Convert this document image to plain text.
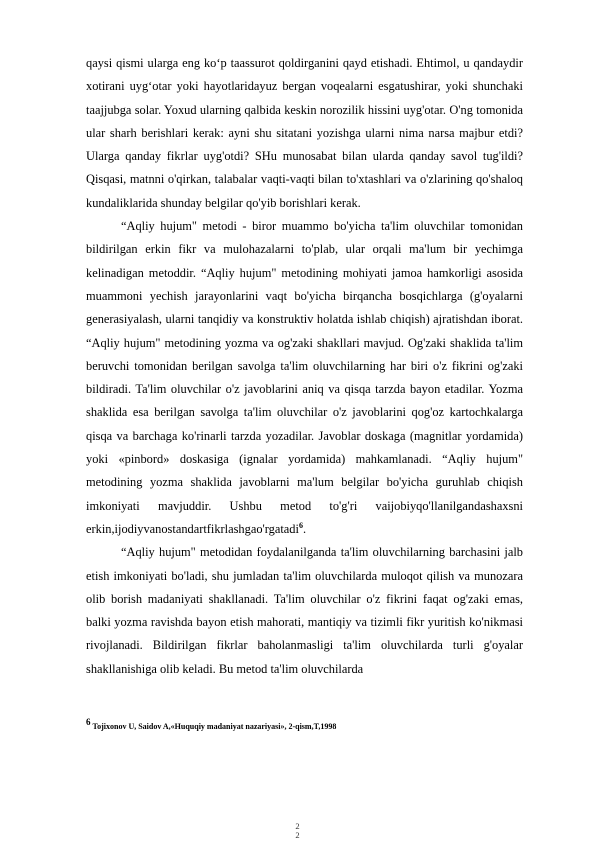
qaysi qismi ularga eng ko‘p taassurot qoldirganini qayd etishadi. Ehtimol, u qandaydir xotirani uyg‘otar yoki hayotlaridayuz bergan voqealarni esgatushirar, yoki shunchaki taajjubga solar. Yoxud ularning qalbida keskin norozilik hissini uyg'otar. O'ng tomonida ular sharh berishlari kerak: ayni shu sitatani yozishga ularni nima narsa majbur etdi? Ularga qanday fikrlar uyg'otdi? SHu munosabat bilan ularda qanday savol tug'ildi? Qisqasi, matnni o'qirkan, talabalar vaqti-vaqti bilan to'xtashlari va o'zlarining qo'shaloq kundaliklarida shunday belgilar qo'yib borishlari kerak.

“Aqliy hujum" metodi - biror muammo bo'yicha ta'lim oluvchilar tomonidan bildirilgan erkin fikr va mulohazalarni to'plab, ular orqali ma'lum bir yechimga kelinadigan metoddir. “Aqliy hujum" metodining mohiyati jamoa hamkorligi asosida muammoni yechish jarayonlarini vaqt bo'yicha birqancha bosqichlarga (g'oyalarni generasiyalash, ularni tanqidiy va konstruktiv holatda ishlab chiqish) ajratishdan iborat. “Aqliy hujum" metodining yozma va og'zaki shakllari mavjud. Og'zaki shaklida ta'lim beruvchi tomonidan berilgan savolga ta'lim oluvchilarning har biri o'z fikrini og'zaki bildiradi. Ta'lim oluvchilar o'z javoblarini aniq va qisqa tarzda bayon etadilar. Yozma shaklida esa berilgan savolga ta'lim oluvchilar o'z javoblarini qog'oz kartochkalarga qisqa va barchaga ko'rinarli tarzda yozadilar. Javoblar doskaga (magnitlar yordamida) yoki «pinbord» doskasiga (ignalar yordamida) mahkamlanadi. “Aqliy hujum" metodining yozma shaklida javoblarni ma'lum belgilar bo'yicha guruhlab chiqish imkoniyati mavjuddir. Ushbu metod to'g'ri vaijobiyqo'llanilgandashaxsni erkin,ijodiyvanostandartfikrlashgao'rgatadi$^6$.

“Aqliy hujum" metodidan foydalanilganda ta'lim oluvchilarning barchasini jalb etish imkoniyati bo'ladi, shu jumladan ta'lim oluvchilarda muloqot qilish va munozara olib borish madaniyati shakllanadi. Ta'lim oluvchilar o'z fikrini faqat og'zaki emas, balki yozma ravishda bayon etish mahorati, mantiqiy va tizimli fikr yuritish ko'nikmasi rivojlanadi. Bildirilgan fikrlar baholanmasligi ta'lim oluvchilarda turli g'oyalar shakllanishiga olib keladi. Bu metod ta'lim oluvchilarda

6 Tojixonov U, Saidov A,«Huquqiy madaniyat nazariyasi», 2-qism,T,1998
2
2
